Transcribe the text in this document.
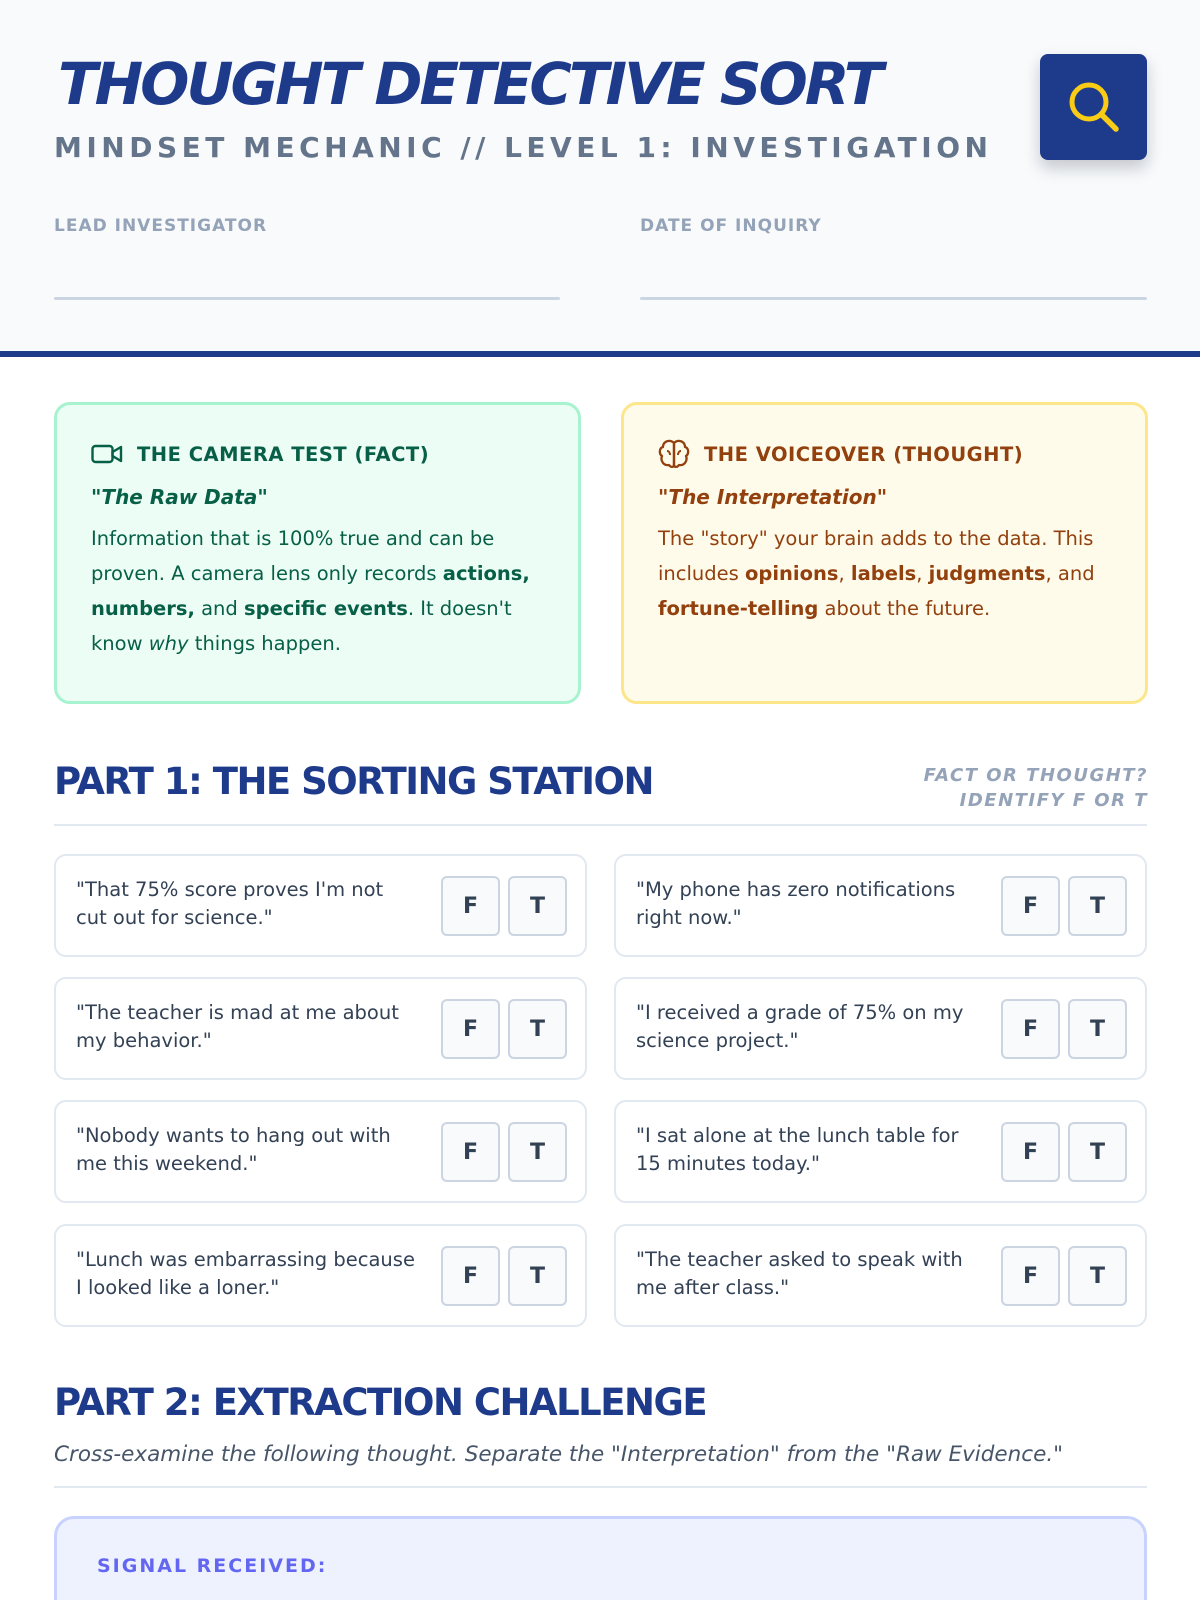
THOUGHT DETECTIVE SORT
MINDSET MECHANIC // LEVEL 1: INVESTIGATION
LEAD INVESTIGATOR	DATE OF INQUIRY
THE CAMERA TEST (FACT)
"The Raw Data"
Information that is 100% true and can be proven. A camera lens only records actions, numbers, and specific events. It doesn't know why things happen.
THE VOICEOVER (THOUGHT)
"The Interpretation"
The "story" your brain adds to the data. This includes opinions, labels, judgments, and fortune-telling about the future.
PART 1: THE SORTING STATION	FACT OR THOUGHT?
IDENTIFY F OR T
"That 75% score proves I'm not cut out for science."	F	T
"My phone has zero notifications right now."	F	T
"The teacher is mad at me about my behavior."	F	T
"I received a grade of 75% on my science project."	F	T
"Nobody wants to hang out with me this weekend."	F	T
"I sat alone at the lunch table for 15 minutes today."	F	T
"Lunch was embarrassing because I looked like a loner."	F	T
"The teacher asked to speak with me after class."	F	T
PART 2: EXTRACTION CHALLENGE
Cross-examine the following thought. Separate the "Interpretation" from the "Raw Evidence."
SIGNAL RECEIVED:
